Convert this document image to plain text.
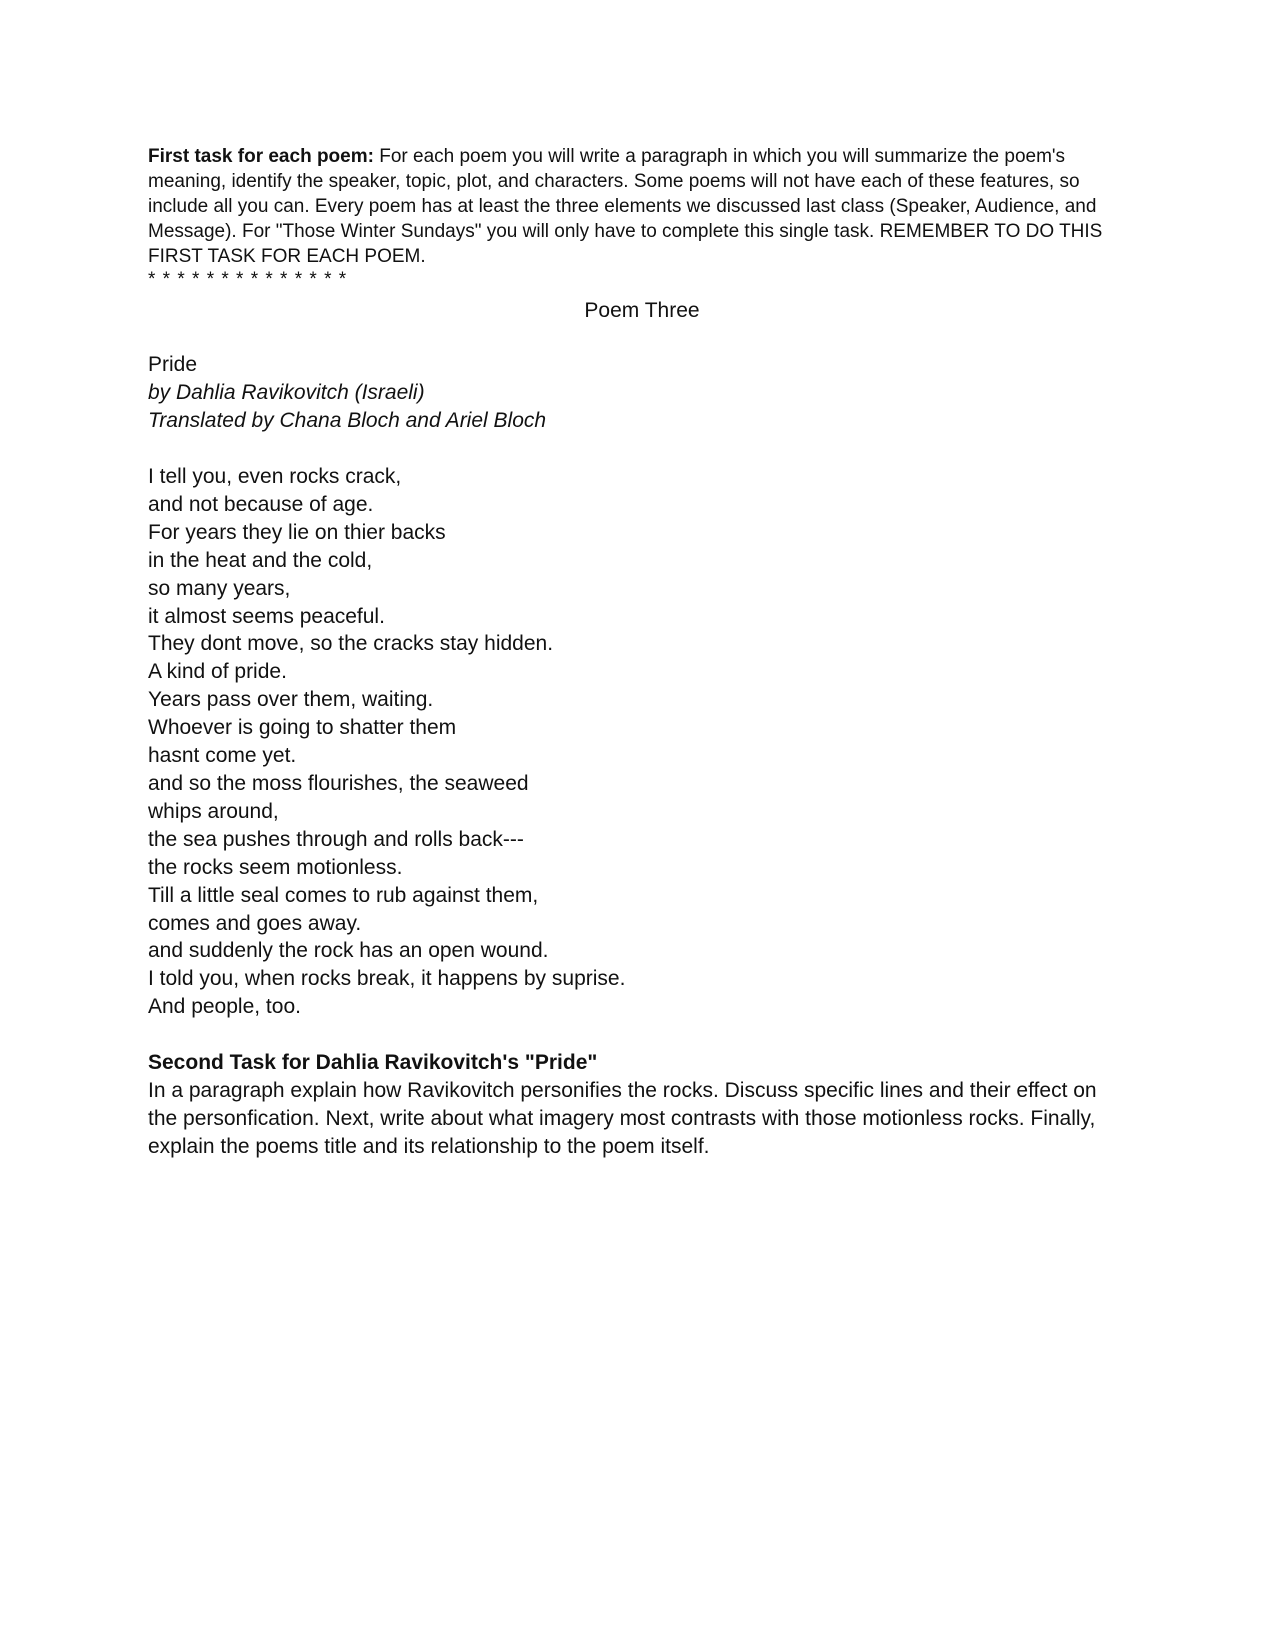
First task for each poem: For each poem you will write a paragraph in which you will summarize the poem's meaning, identify the speaker, topic, plot, and characters. Some poems will not have each of these features, so include all you can. Every poem has at least the three elements we discussed last class (Speaker, Audience, and Message). For "Those Winter Sundays" you will only have to complete this single task. REMEMBER TO DO THIS FIRST TASK FOR EACH POEM.

* * * * * * * * * * * * * *

Poem Three

Pride
by Dahlia Ravikovitch (Israeli)
Translated by Chana Bloch and Ariel Bloch
I tell you, even rocks crack,
and not because of age.
For years they lie on thier backs
in the heat and the cold,
so many years,
it almost seems peaceful.
They dont move, so the cracks stay hidden.
A kind of pride.
Years pass over them, waiting.
Whoever is going to shatter them
hasnt come yet.
and so the moss flourishes, the seaweed
whips around,
the sea pushes through and rolls back---
the rocks seem motionless.
Till a little seal comes to rub against them,
comes and goes away.
and suddenly the rock has an open wound.
I told you, when rocks break, it happens by suprise.
And people, too.
Second Task for Dahlia Ravikovitch's "Pride"
In a paragraph explain how Ravikovitch personifies the rocks. Discuss specific lines and their effect on the personfication. Next, write about what imagery most contrasts with those motionless rocks. Finally, explain the poems title and its relationship to the poem itself.
